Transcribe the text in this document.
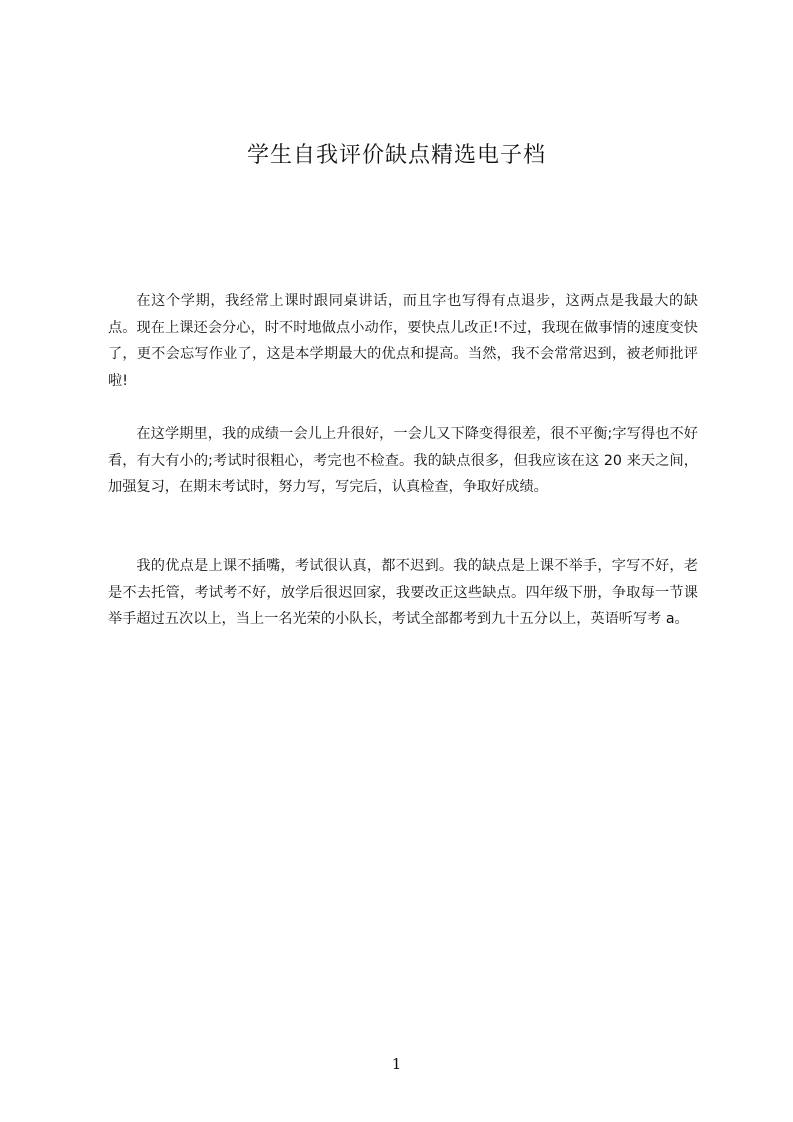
学生自我评价缺点精选电子档

在这个学期，我经常上课时跟同桌讲话，而且字也写得有点退步，这两点是我最大的缺点。现在上课还会分心，时不时地做点小动作，要快点儿改正!不过，我现在做事情的速度变快了，更不会忘写作业了，这是本学期最大的优点和提高。当然，我不会常常迟到，被老师批评啦!

在这学期里，我的成绩一会儿上升很好，一会儿又下降变得很差，很不平衡;字写得也不好看，有大有小的;考试时很粗心，考完也不检查。我的缺点很多，但我应该在这 20 来天之间，加强复习，在期末考试时，努力写，写完后，认真检查，争取好成绩。

我的优点是上课不插嘴，考试很认真，都不迟到。我的缺点是上课不举手，字写不好，老是不去托管，考试考不好，放学后很迟回家，我要改正这些缺点。四年级下册，争取每一节课举手超过五次以上，当上一名光荣的小队长，考试全部都考到九十五分以上，英语听写考 a。

1
